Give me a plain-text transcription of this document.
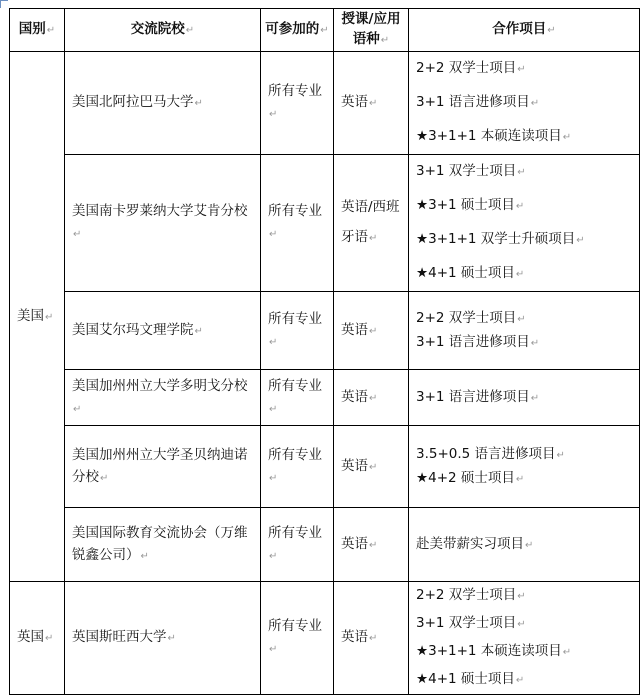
国别↵	交流院校↵	可参加的↵	授课/应用语种↵	合作项目↵
美国↵	美国北阿拉巴马大学↵	所有专业↵	英语↵	2+2 双学士项目↵
3+1 语言进修项目↵
★3+1+1 本硕连读项目↵

	美国南卡罗莱纳大学艾肯分校↵	所有专业↵	英语/西班牙语↵	3+1 双学士项目↵
★3+1 硕士项目↵
★3+1+1 双学士升硕项目↵
★4+1 硕士项目↵

	美国艾尔玛文理学院↵	所有专业↵	英语↵	2+2 双学士项目↵
3+1 语言进修项目↵

	美国加州州立大学多明戈分校↵	所有专业↵	英语↵	3+1 语言进修项目↵

	美国加州州立大学圣贝纳迪诺分校↵	所有专业↵	英语↵	3.5+0.5 语言进修项目↵
★4+2 硕士项目↵

	美国国际教育交流协会（万维锐鑫公司）↵	所有专业↵	英语↵	赴美带薪实习项目↵

英国↵	英国斯旺西大学↵	所有专业↵	英语↵	2+2 双学士项目↵
3+1 双学士项目↵
★3+1+1 本硕连读项目↵
★4+1 硕士项目↵
